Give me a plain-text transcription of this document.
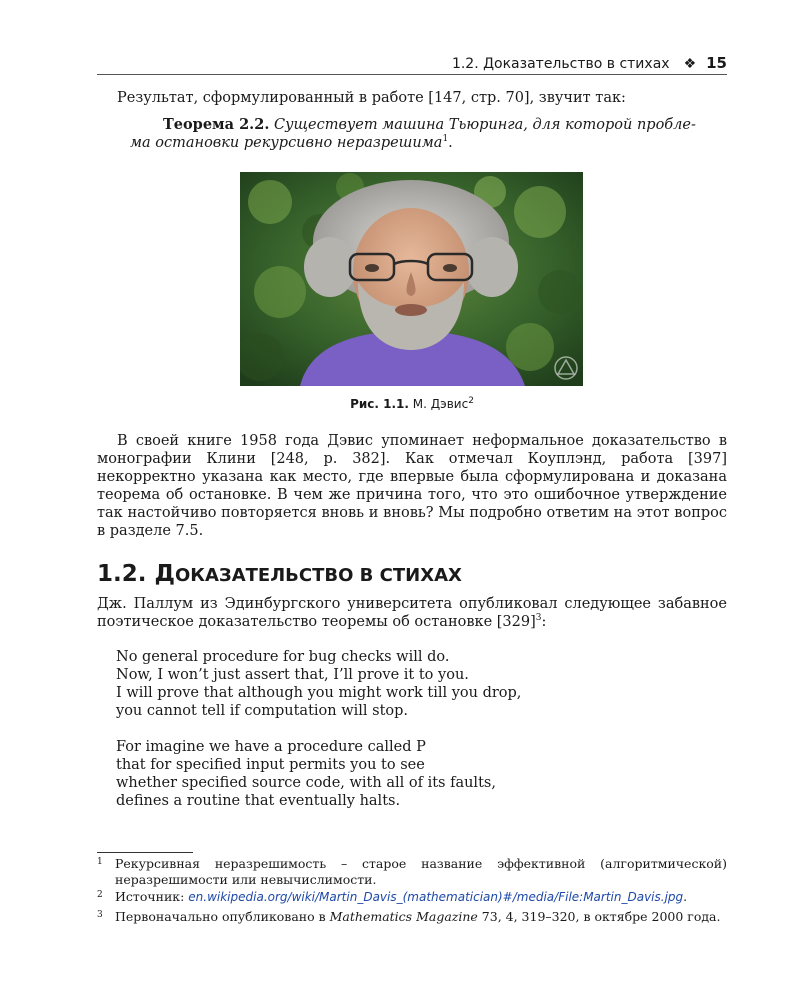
1.2. Доказательство в стихах ❖ 15

Результат, сформулированный в работе [147, стр. 70], звучит так:

Теорема 2.2. Существует машина Тьюринга, для которой пробле-
ма остановки рекурсивно неразрешима$^1$.

Рис. 1.1. М. Дэвис$^2$

В своей книге 1958 года Дэвис упоминает неформальное доказательство в монографии Клини [248, p. 382]. Как отмечал Коуплэнд, работа [397] некорректно указана как место, где впервые была сформулирована и доказана теорема об остановке. В чем же причина того, что это ошибочное утверждение так настойчиво повторяется вновь и вновь? Мы подробно ответим на этот вопрос в разделе 7.5.

1.2. ДОКАЗАТЕЛЬСТВО В СТИХАХ

Дж. Паллум из Эдинбургского университета опубликовал следующее забавное поэтическое доказательство теоремы об остановке $[329]^3$:

No general procedure for bug checks will do.
Now, I won’t just assert that, I’ll prove it to you.
I will prove that although you might work till you drop,
you cannot tell if computation will stop.
For imagine we have a procedure called P
that for specified input permits you to see
whether specified source code, with all of its faults,
defines a routine that eventually halts.
1 Рекурсивная неразрешимость – старое название эффективной (алгоритмической) неразрешимости или невычислимости.
2 Источник: en.wikipedia.org/wiki/Martin_Davis_(mathematician)#/media/File:Martin_Davis.jpg.
3 Первоначально опубликовано в Mathematics Magazine 73, 4, 319–320, в октябре 2000 года.
